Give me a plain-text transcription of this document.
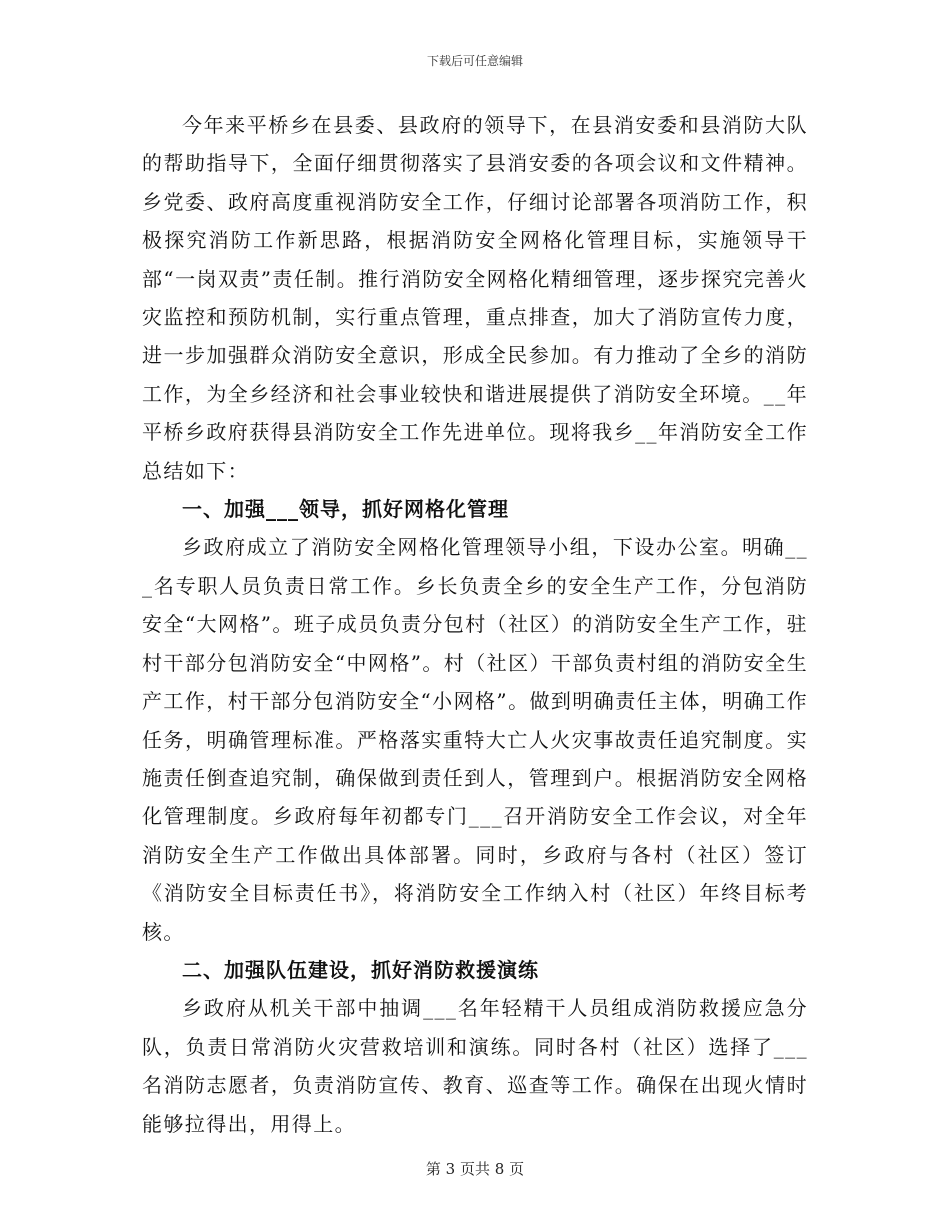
下载后可任意编辑

今年来平桥乡在县委、县政府的领导下，在县消安委和县消防大队的帮助指导下，全面仔细贯彻落实了县消安委的各项会议和文件精神。乡党委、政府高度重视消防安全工作，仔细讨论部署各项消防工作，积极探究消防工作新思路，根据消防安全网格化管理目标，实施领导干部“一岗双责”责任制。推行消防安全网格化精细管理，逐步探究完善火灾监控和预防机制，实行重点管理，重点排查，加大了消防宣传力度，进一步加强群众消防安全意识，形成全民参加。有力推动了全乡的消防工作，为全乡经济和社会事业较快和谐进展提供了消防安全环境。__年平桥乡政府获得县消防安全工作先进单位。现将我乡__年消防安全工作总结如下：

一、加强___领导，抓好网格化管理

乡政府成立了消防安全网格化管理领导小组，下设办公室。明确___名专职人员负责日常工作。乡长负责全乡的安全生产工作，分包消防安全“大网格”。班子成员负责分包村（社区）的消防安全生产工作，驻村干部分包消防安全“中网格”。村（社区）干部负责村组的消防安全生产工作，村干部分包消防安全“小网格”。做到明确责任主体，明确工作任务，明确管理标准。严格落实重特大亡人火灾事故责任追究制度。实施责任倒查追究制，确保做到责任到人，管理到户。根据消防安全网格化管理制度。乡政府每年初都专门___召开消防安全工作会议，对全年消防安全生产工作做出具体部署。同时，乡政府与各村（社区）签订《消防安全目标责任书》，将消防安全工作纳入村（社区）年终目标考核。

二、加强队伍建设，抓好消防救援演练

乡政府从机关干部中抽调___名年轻精干人员组成消防救援应急分队，负责日常消防火灾营救培训和演练。同时各村（社区）选择了___名消防志愿者，负责消防宣传、教育、巡查等工作。确保在出现火情时能够拉得出，用得上。

第 3 页共 8 页
